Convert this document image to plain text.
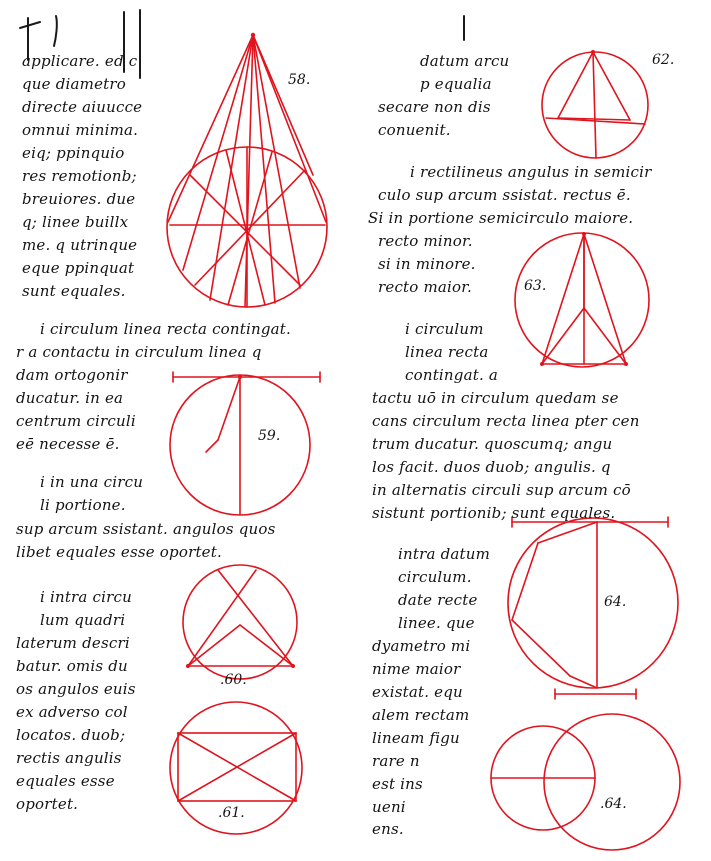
applicare. ed c
que diametro
directe aiuucce
omnui minima.
eiq; ppinquio
res remotionb;
breuiores. due
q; linee buillx
me. q utrinque
eque ppinquat
sunt equales.
i circulum linea recta contingat.
r a contactu in circulum linea q
dam ortogonir
ducatur. in ea
centrum circuli
eē necesse ē.
i in una circu
li portione.
sup arcum ssistant. angulos quos
libet equales esse oportet.
i intra circu
lum quadri
laterum descri
batur. omis du
os angulos euis
ex adverso col
locatos. duob;
rectis angulis
equales esse
oportet.
datum arcu
p equalia
secare non dis
conuenit.
i rectilineus angulus in semicir
culo sup arcum ssistat. rectus ē.
Si in portione semicirculo maiore.
recto minor.
si in minore.
recto maior.
i circulum
linea recta
contingat. a
tactu uō in circulum quedam se
cans circulum recta linea pter cen
trum ducatur. quoscumq; angu
los facit. duos duob; angulis. q
in alternatis circuli sup arcum cō
sistunt portionib; sunt equales.
intra datum
circulum.
date recte
linee. que
dyametro mi
nime maior
existat. equ
alem rectam
lineam figu
rare n
est ins
ueni
ens.
58.
59.
.60.
.61.
62.
63.
64.
.64.
